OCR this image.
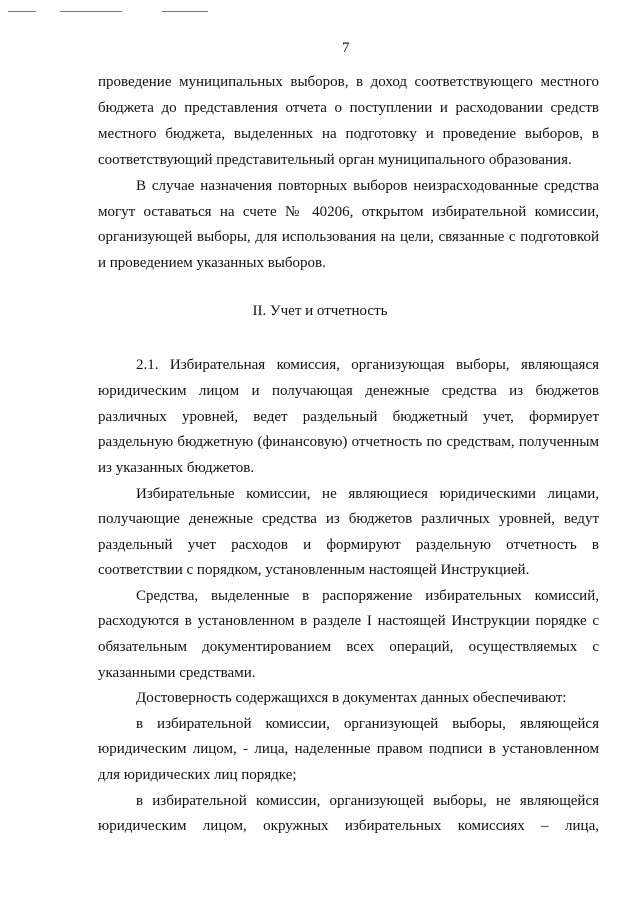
7
проведение муниципальных выборов, в доход соответствующего местного
бюджета до представления отчета о поступлении и расходовании средств
местного бюджета, выделенных на подготовку и проведение выборов, в
соответствующий представительный орган муниципального образования.
В случае назначения повторных выборов неизрасходованные средства
могут оставаться на счете № 40206, открытом избирательной комиссии,
организующей выборы, для использования на цели, связанные с подготовкой
и проведением указанных выборов.
II. Учет и отчетность
2.1. Избирательная комиссия, организующая выборы, являющаяся
юридическим лицом и получающая денежные средства из бюджетов
различных уровней, ведет раздельный бюджетный учет, формирует
раздельную бюджетную (финансовую) отчетность по средствам, полученным
из указанных бюджетов.
Избирательные комиссии, не являющиеся юридическими лицами,
получающие денежные средства из бюджетов различных уровней, ведут
раздельный учет расходов и формируют раздельную отчетность в
соответствии с порядком, установленным настоящей Инструкцией.
Средства, выделенные в распоряжение избирательных комиссий,
расходуются в установленном в разделе I настоящей Инструкции порядке с
обязательным документированием всех операций, осуществляемых с
указанными средствами.
Достоверность содержащихся в документах данных обеспечивают:
в избирательной комиссии, организующей выборы, являющейся
юридическим лицом, - лица, наделенные правом подписи в установленном
для юридических лиц порядке;
в избирательной комиссии, организующей выборы, не являющейся
юридическим лицом, окружных избирательных комиссиях – лица,
